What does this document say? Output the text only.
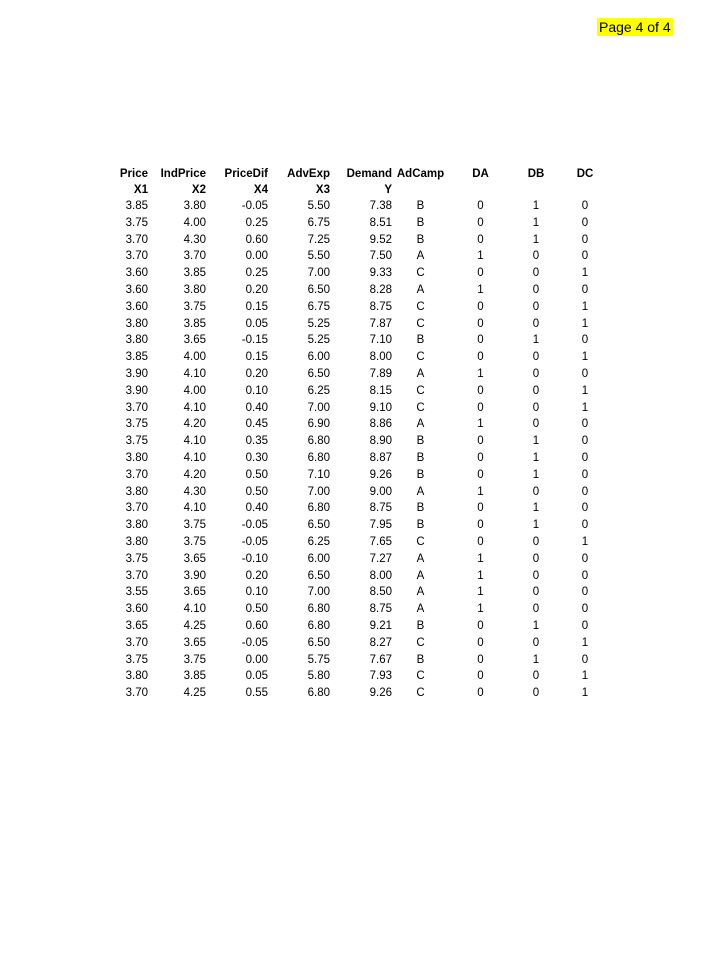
Page 4 of 4
Price	IndPrice	PriceDif	AdvExp	Demand	AdCamp	DA	DB	DC
X1	X2	X4	X3	Y				
3.85	3.80	-0.05	5.50	7.38	B	0	1	0
3.75	4.00	0.25	6.75	8.51	B	0	1	0
3.70	4.30	0.60	7.25	9.52	B	0	1	0
3.70	3.70	0.00	5.50	7.50	A	1	0	0
3.60	3.85	0.25	7.00	9.33	C	0	0	1
3.60	3.80	0.20	6.50	8.28	A	1	0	0
3.60	3.75	0.15	6.75	8.75	C	0	0	1
3.80	3.85	0.05	5.25	7.87	C	0	0	1
3.80	3.65	-0.15	5.25	7.10	B	0	1	0
3.85	4.00	0.15	6.00	8.00	C	0	0	1
3.90	4.10	0.20	6.50	7.89	A	1	0	0
3.90	4.00	0.10	6.25	8.15	C	0	0	1
3.70	4.10	0.40	7.00	9.10	C	0	0	1
3.75	4.20	0.45	6.90	8.86	A	1	0	0
3.75	4.10	0.35	6.80	8.90	B	0	1	0
3.80	4.10	0.30	6.80	8.87	B	0	1	0
3.70	4.20	0.50	7.10	9.26	B	0	1	0
3.80	4.30	0.50	7.00	9.00	A	1	0	0
3.70	4.10	0.40	6.80	8.75	B	0	1	0
3.80	3.75	-0.05	6.50	7.95	B	0	1	0
3.80	3.75	-0.05	6.25	7.65	C	0	0	1
3.75	3.65	-0.10	6.00	7.27	A	1	0	0
3.70	3.90	0.20	6.50	8.00	A	1	0	0
3.55	3.65	0.10	7.00	8.50	A	1	0	0
3.60	4.10	0.50	6.80	8.75	A	1	0	0
3.65	4.25	0.60	6.80	9.21	B	0	1	0
3.70	3.65	-0.05	6.50	8.27	C	0	0	1
3.75	3.75	0.00	5.75	7.67	B	0	1	0
3.80	3.85	0.05	5.80	7.93	C	0	0	1
3.70	4.25	0.55	6.80	9.26	C	0	0	1
